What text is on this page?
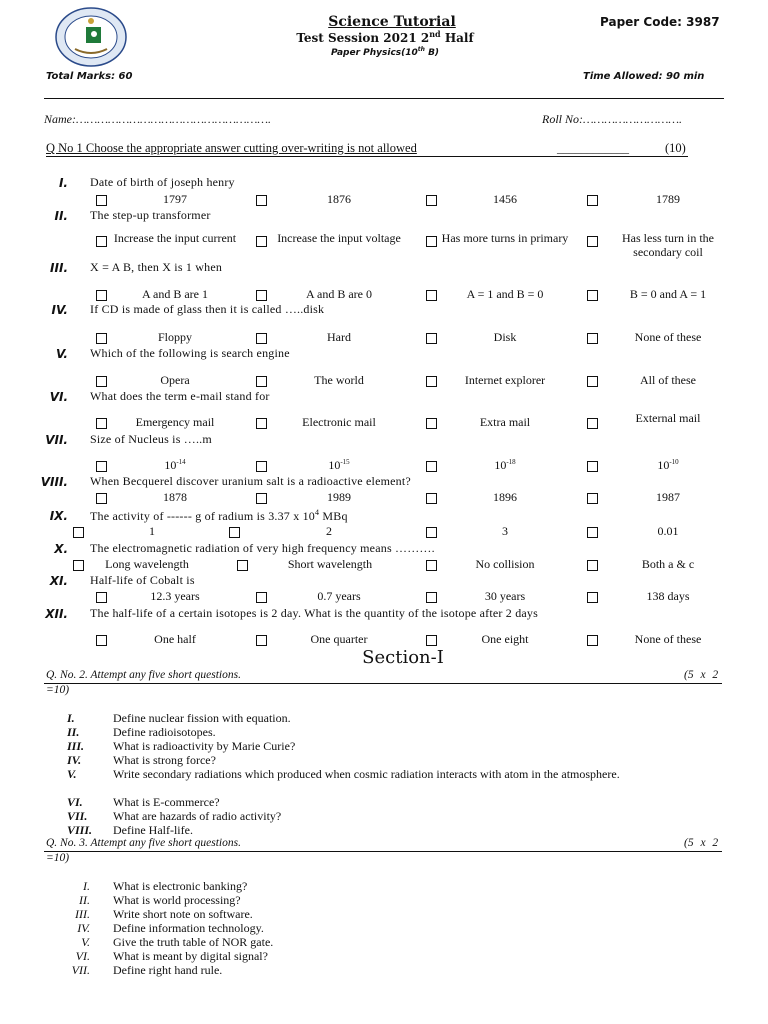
Science Tutorial	Paper Code: 3987
Test Session 2021 2nd Half
Paper Physics(10th B)
Total Marks: 60	Time Allowed: 90 min
Name:……………………………………………….	Roll No:……………………….
Q No 1 Choose the appropriate answer cutting over-writing is not allowed	____________	(10)
I. Date of birth of joseph henry
1797	1876	1456	1789
II. The step-up transformer
Increase the input current	Increase the input voltage	Has more turns in primary	Has less turn in the secondary coil
III. X = A B, then X is 1 when
A and B are 1	A and B are 0	A = 1 and B = 0	B = 0 and A = 1
IV. If CD is made of glass then it is called …..disk
Floppy	Hard	Disk	None of these
V. Which of the following is search engine
Opera	The world	Internet explorer	All of these
VI. What does the term e-mail stand for
Emergency mail	Electronic mail	Extra mail	External mail
VII. Size of Nucleus is …..m
$10^{-14}$	$10^{-15}$	$10^{-18}$	$10^{-10}$
VIII. When Becquerel discover uranium salt is a radioactive element?
1878	1989	1896	1987
IX. The activity of ------ g of radium is 3.37 x $10^4$ MBq
1	2	3	0.01
X. The electromagnetic radiation of very high frequency means ……….
Long wavelength	Short wavelength	No collision	Both a & c
XI. Half-life of Cobalt is
12.3 years	0.7 years	30 years	138 days
XII. The half-life of a certain isotopes is 2 day. What is the quantity of the isotope after 2 days
One half	One quarter	One eight	None of these
Section-I
Q. No. 2. Attempt any five short questions.	(5 x 2
=10)
I.	Define nuclear fission with equation.
II.	Define radioisotopes.
III.	What is radioactivity by Marie Curie?
IV.	What is strong force?
V.	Write secondary radiations which produced when cosmic radiation interacts with atom in the atmosphere.
VI.	What is E-commerce?
VII.	What are hazards of radio activity?
VIII.	Define Half-life.
Q. No. 3. Attempt any five short questions.	(5 x 2
=10)
I. What is electronic banking?
II. What is world processing?
III. Write short note on software.
IV. Define information technology.
V. Give the truth table of NOR gate.
VI. What is meant by digital signal?
VII. Define right hand rule.
